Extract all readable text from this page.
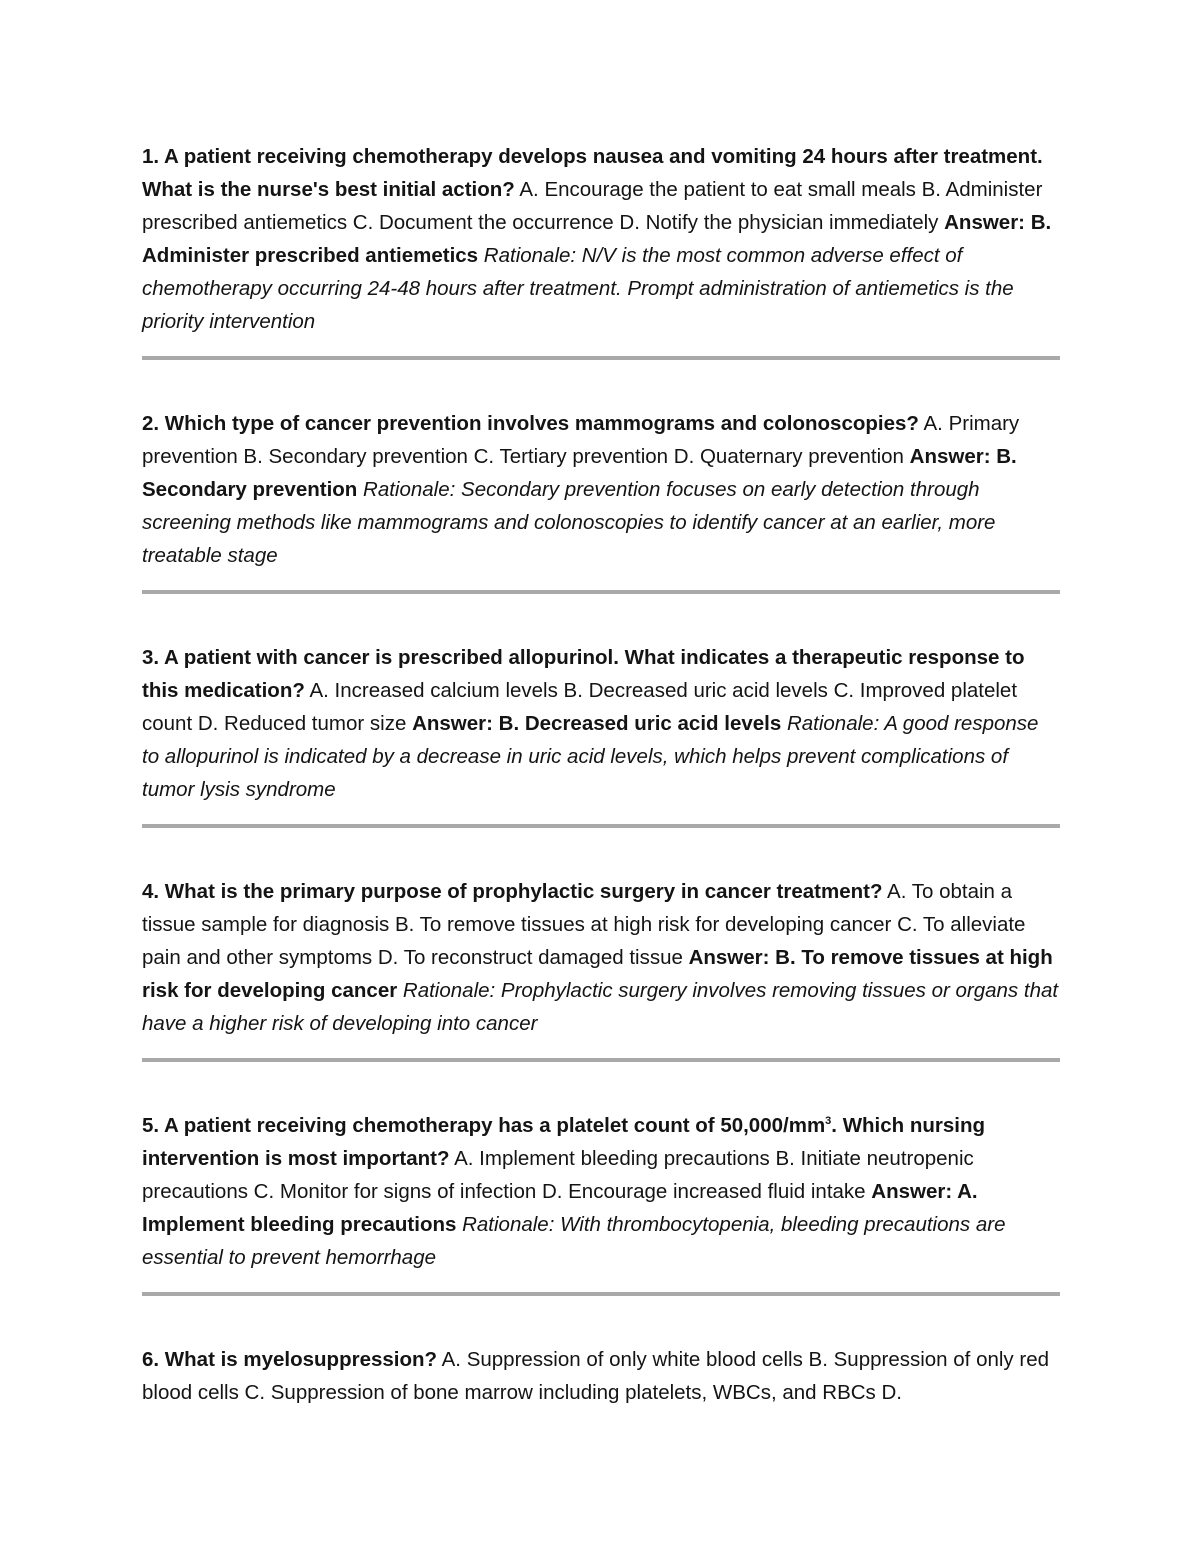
1. A patient receiving chemotherapy develops nausea and vomiting 24 hours after treatment. What is the nurse's best initial action? A. Encourage the patient to eat small meals B. Administer prescribed antiemetics C. Document the occurrence D. Notify the physician immediately Answer: B. Administer prescribed antiemetics Rationale: N/V is the most common adverse effect of chemotherapy occurring 24-48 hours after treatment. Prompt administration of antiemetics is the priority intervention

2. Which type of cancer prevention involves mammograms and colonoscopies? A. Primary prevention B. Secondary prevention C. Tertiary prevention D. Quaternary prevention Answer: B. Secondary prevention Rationale: Secondary prevention focuses on early detection through screening methods like mammograms and colonoscopies to identify cancer at an earlier, more treatable stage

3. A patient with cancer is prescribed allopurinol. What indicates a therapeutic response to this medication? A. Increased calcium levels B. Decreased uric acid levels C. Improved platelet count D. Reduced tumor size Answer: B. Decreased uric acid levels Rationale: A good response to allopurinol is indicated by a decrease in uric acid levels, which helps prevent complications of tumor lysis syndrome

4. What is the primary purpose of prophylactic surgery in cancer treatment? A. To obtain a tissue sample for diagnosis B. To remove tissues at high risk for developing cancer C. To alleviate pain and other symptoms D. To reconstruct damaged tissue Answer: B. To remove tissues at high risk for developing cancer Rationale: Prophylactic surgery involves removing tissues or organs that have a higher risk of developing into cancer

5. A patient receiving chemotherapy has a platelet count of $50,000/mm^3$. Which nursing intervention is most important? A. Implement bleeding precautions B. Initiate neutropenic precautions C. Monitor for signs of infection D. Encourage increased fluid intake Answer: A. Implement bleeding precautions Rationale: With thrombocytopenia, bleeding precautions are essential to prevent hemorrhage

6. What is myelosuppression? A. Suppression of only white blood cells B. Suppression of only red blood cells C. Suppression of bone marrow including platelets, WBCs, and RBCs D.
